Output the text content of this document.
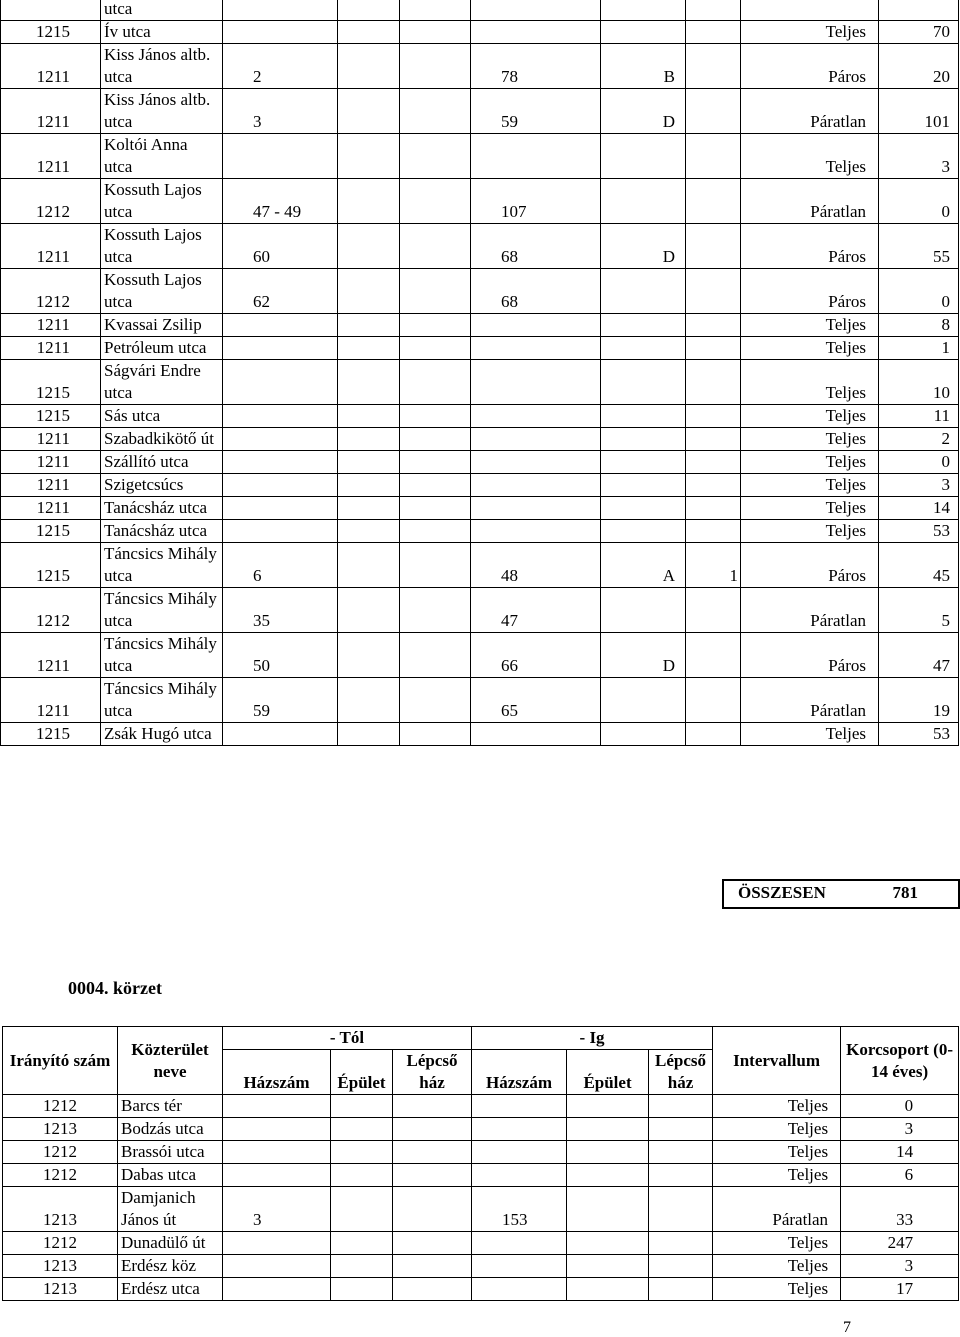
	utca								
1215	Ív utca							Teljes	70
1211	Kiss János altb. utca	2			78	B		Páros	20
1211	Kiss János altb. utca	3			59	D		Páratlan	101
1211	Koltói Anna utca							Teljes	3
1212	Kossuth Lajos utca	47 - 49			107			Páratlan	0
1211	Kossuth Lajos utca	60			68	D		Páros	55
1212	Kossuth Lajos utca	62			68			Páros	0
1211	Kvassai Zsilip							Teljes	8
1211	Petróleum utca							Teljes	1
1215	Ságvári Endre utca							Teljes	10
1215	Sás utca							Teljes	11
1211	Szabadkikötő út							Teljes	2
1211	Szállító utca							Teljes	0
1211	Szigetcsúcs							Teljes	3
1211	Tanácsház utca							Teljes	14
1215	Tanácsház utca							Teljes	53
1215	Táncsics Mihály utca	6			48	A	1	Páros	45
1212	Táncsics Mihály utca	35			47			Páratlan	5
1211	Táncsics Mihály utca	50			66	D		Páros	47
1211	Táncsics Mihály utca	59			65			Páratlan	19
1215	Zsák Hugó utca							Teljes	53
ÖSSZESEN	781
0004. körzet
Irányító szám	Közterület neve	- Tól			- Ig			Intervallum	Korcsoport (0-14 éves)
		Házszám	Épület	Lépcső ház	Házszám	Épület	Lépcső ház		
1212	Barcs tér							Teljes	0
1213	Bodzás utca							Teljes	3
1212	Brassói utca							Teljes	14
1212	Dabas utca							Teljes	6
1213	Damjanich János út	3			153			Páratlan	33
1212	Dunadülő út							Teljes	247
1213	Erdész köz							Teljes	3
1213	Erdész utca							Teljes	17
7
